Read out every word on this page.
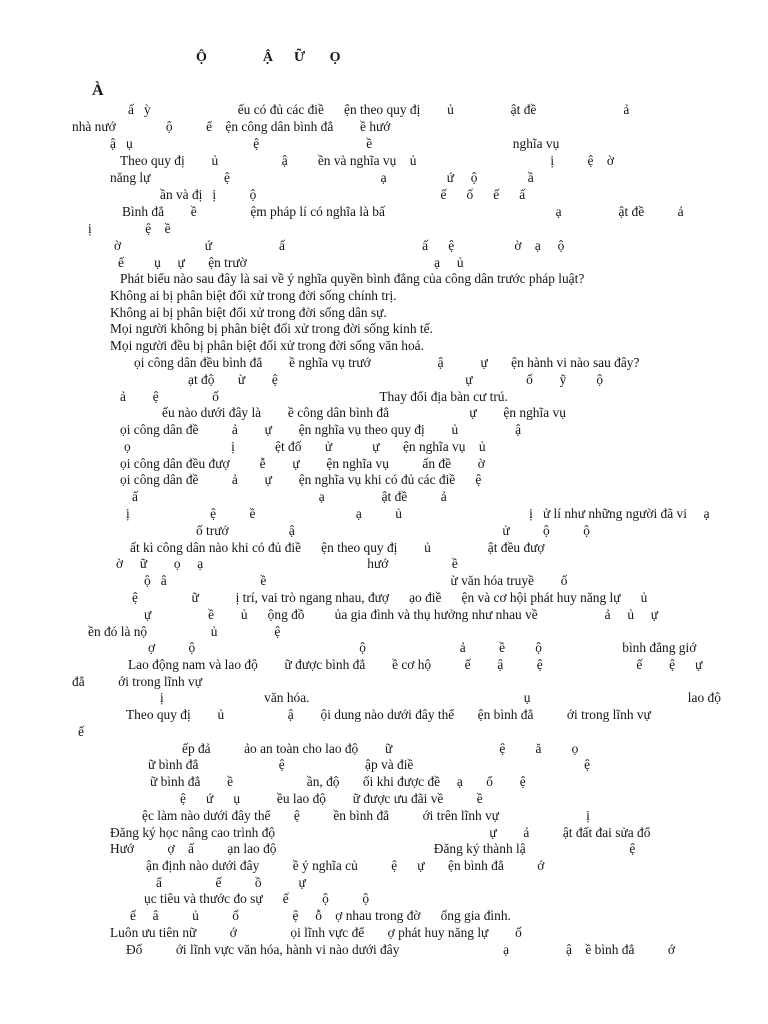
Ộ                Ậ      Ữ       Ọ
À
ấ   ỳ                          ếu có đủ các điề      ện theo quy đị        ủ                 ật đề                          ả
nhà nướ               ộ          ể    ện công dân bình đẳ        ề hướ
ậ   ụ                                    ệ                                ề                                          nghĩa vụ
Theo quy đị        ủ                   ậ         ền và nghĩa vụ    ủ                                        ị          ệ    ờ
năng lự                      ệ                                             ạ                  ứ     ộ               ầ
ần và đị   ị          ộ                                                       ế      ố      ế      ấ
Bình đẳ        ề                ệm pháp lí có nghĩa là bấ                                                   ạ                 ật đề          ả
ị                ệ    ề
ờ                         ứ                    ấ                                         ấ      ệ                  ờ    ạ     ộ
ế         ụ     ự       ện trườ                                                        ạ     ủ
Phát biểu nào sau đây là sai về ý nghĩa quyền bình đẳng của công dân trước pháp luật?
Không ai bị phân biệt đối xử trong đời sống chính trị.
Không ai bị phân biệt đối xử trong đời sống dân sự.
Mọi người không bị phân biệt đối xử trong đời sống kinh tế.
Mọi người đều bị phân biệt đối xử trong đời sống văn hoá.
ọi công dân đều bình đẳ        ề nghĩa vụ trướ                    ậ           ự       ện hành vi nào sau đây?
ạt độ       ừ        ệ                                                        ự                ố        ỹ         ộ
ả        ệ                ố                                                Thay đổi địa bàn cư trú.
ếu nào dưới đây là        ề công dân bình đẳ                        ự        ện nghĩa vụ
ọi công dân đề          ả        ự        ện nghĩa vụ theo quy đị        ủ                 ậ
ọ                              ị            ệt đố       ử            ự       ện nghĩa vụ    ủ
ọi công dân đều đượ         ễ        ự        ện nghĩa vụ          ấn đề        ờ
ọi công dân đề          ả        ự        ện nghĩa vụ khi có đủ các điề      ệ
ấ                                                      ạ                 ật đề          ả
ị                        ệ          ề                              ạ          ủ                                      ị   ử lí như những người đã vi     ạ
ố trướ                  ậ                                                              ử          ộ          ộ
ất kì công dân nào khi có đủ điề      ện theo quy đị        ủ                 ật đều đượ
ờ     ữ        ọ     ạ                                                 hướ                   ề
ộ   â                            ề                                                       ừ văn hóa truyề        ố
ệ                ữ           ị trí, vai trò ngang nhau, đượ      ạo điề      ện và cơ hội phát huy năng lự      ủ
ự                 ề        ủ      ộng đồ         ủa gia đình và thụ hưởng như nhau về                    ả     ủ     ự
ền đó là nộ                   ủ                 ệ
ợ          ộ                                                 ộ                            ả          ề         ộ                        bình đẳng giớ
Lao động nam và lao độ        ữ được bình đẳ        ề cơ hộ          ế        ậ          ệ                            ế        ệ      ự
đẳ          ới trong lĩnh vự
ị                              văn hóa.                                                                ụ                                               lao độ
Theo quy đị        ủ                   ậ        ội dung nào dưới đây thể       ện bình đẳ          ới trong lĩnh vự
ế
ếp đả          ảo an toàn cho lao độ        ữ                                ệ         ă         ọ
ữ bình đẳ                        ệ                        ập và điề                                                   ệ
ữ bình đẳ        ề                      ần, độ       ối khi được đề     ạ       ổ        ệ
ệ      ứ      ụ           ều lao độ        ữ được ưu đãi về          ề
ệc làm nào dưới đây thể       ệ          ền bình đẳ          ới trên lĩnh vự                          ị
Đăng ký học nâng cao trình độ                                                                ự        ả          ật đất đai sửa đổ
Hướ          ợ    ấ          ạn lao độ                                               Đăng ký thành lậ                               ệ
ận định nào dưới đây          ề ý nghĩa củ          ệ      ự       ện bình đẳ          ớ
ẩ                ế          ồ           ự
ục tiêu và thước đo sự      ế          ộ          ộ
ế     â          ủ          ố                ệ     ỗ    ợ nhau trong đờ      ống gia đình.
Luôn ưu tiên nữ          ớ                ọi lĩnh vực để       ợ phát huy năng lự        ố
Đố          ới lĩnh vực văn hóa, hành vi nào dưới đây                               ạ                 ậ    ề bình đẳ          ớ
